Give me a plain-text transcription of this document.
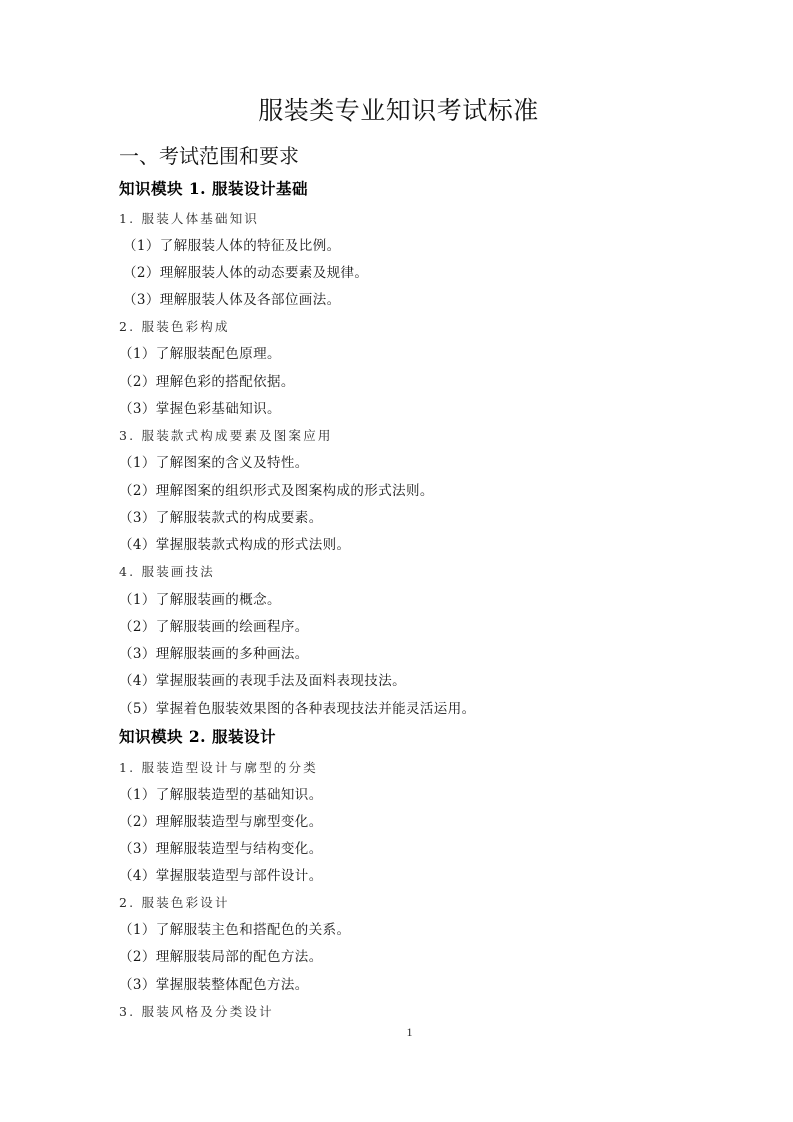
服装类专业知识考试标准
一、考试范围和要求
知识模块 1. 服装设计基础
1. 服装人体基础知识
（1）了解服装人体的特征及比例。
（2）理解服装人体的动态要素及规律。
（3）理解服装人体及各部位画法。
2. 服装色彩构成
（1）了解服装配色原理。
（2）理解色彩的搭配依据。
（3）掌握色彩基础知识。
3. 服装款式构成要素及图案应用
（1）了解图案的含义及特性。
（2）理解图案的组织形式及图案构成的形式法则。
（3）了解服装款式的构成要素。
（4）掌握服装款式构成的形式法则。
4. 服装画技法
（1）了解服装画的概念。
（2）了解服装画的绘画程序。
（3）理解服装画的多种画法。
（4）掌握服装画的表现手法及面料表现技法。
（5）掌握着色服装效果图的各种表现技法并能灵活运用。
知识模块 2. 服装设计
1. 服装造型设计与廓型的分类
（1）了解服装造型的基础知识。
（2）理解服装造型与廓型变化。
（3）理解服装造型与结构变化。
（4）掌握服装造型与部件设计。
2. 服装色彩设计
（1）了解服装主色和搭配色的关系。
（2）理解服装局部的配色方法。
（3）掌握服装整体配色方法。
3. 服装风格及分类设计
1
